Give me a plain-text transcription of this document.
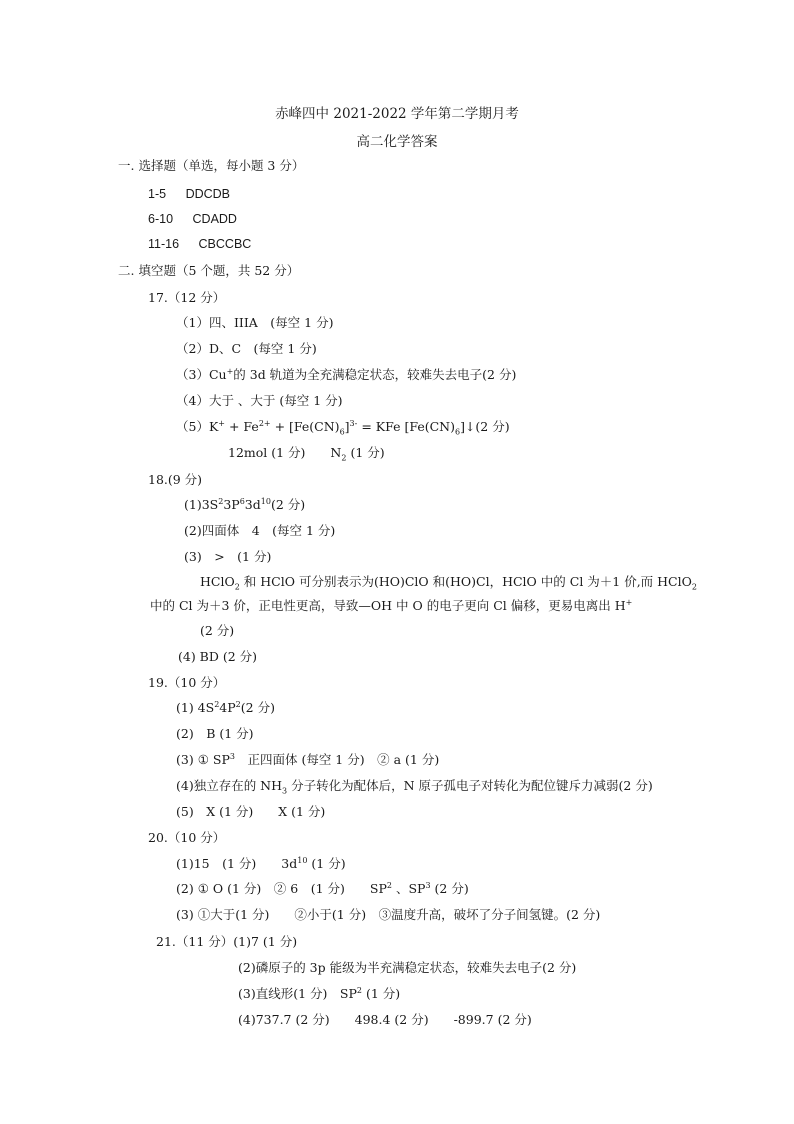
赤峰四中 2021-2022 学年第二学期月考
高二化学答案
一. 选择题（单选，每小题 3 分）
1-5 DDCDB
6-10 CDADD
11-16 CBCCBC
二. 填空题（5 个题，共 52 分）
17.（12 分）
（1）四、IIIA　(每空 1 分)
（2）D、C　(每空 1 分)
（3）Cu+的 3d 轨道为全充满稳定状态，较难失去电子(2 分)
（4）大于 、大于 (每空 1 分)
$(5)K^+ + Fe^{2+} + [Fe(CN)_6]^{3-}$ = KFe $[Fe(CN)_6]↓(2$ 分)
12mol (1 分)　　$N_2$ (1 分)
18.(9 分)
$(1)3S^23P^63d^{10}(2$ 分)
(2)四面体　4　(每空 1 分)
(3)　>　(1 分)
HClO$_2$ 和 HClO 可分别表示为(HO)ClO 和(HO)Cl，HClO 中的 Cl 为＋1 价,而 HClO$_2$
中的 Cl 为＋3 价，正电性更高，导致—OH 中 O 的电子更向 Cl 偏移，更易电离出 H+
(2 分)
(4) BD (2 分)
19.（10 分）
(1) $4S^24P^2(2$ 分)
(2)　B (1 分)
(3) ① $SP^3$　正四面体 (每空 1 分)　② a (1 分)
(4)独立存在的 $NH_3$ 分子转化为配体后，N 原子孤电子对转化为配位键斥力减弱(2 分)
(5)　X (1 分)　　X (1 分)
20.（10 分）
(1)15　(1 分)　　$3d^{10}$ (1 分)
(2) ① O (1 分)　② 6　(1 分)　　$SP^2$ 、$SP^3$ (2 分)
(3) ①大于(1 分)　　②小于(1 分)　③温度升高，破坏了分子间氢键。(2 分)
21.（11 分）(1)7 (1 分)
(2)磷原子的 3p 能级为半充满稳定状态，较难失去电子(2 分)
(3)直线形(1 分)　$SP^2$ (1 分)
(4)737.7 (2 分)　　498.4 (2 分)　　-899.7 (2 分)
